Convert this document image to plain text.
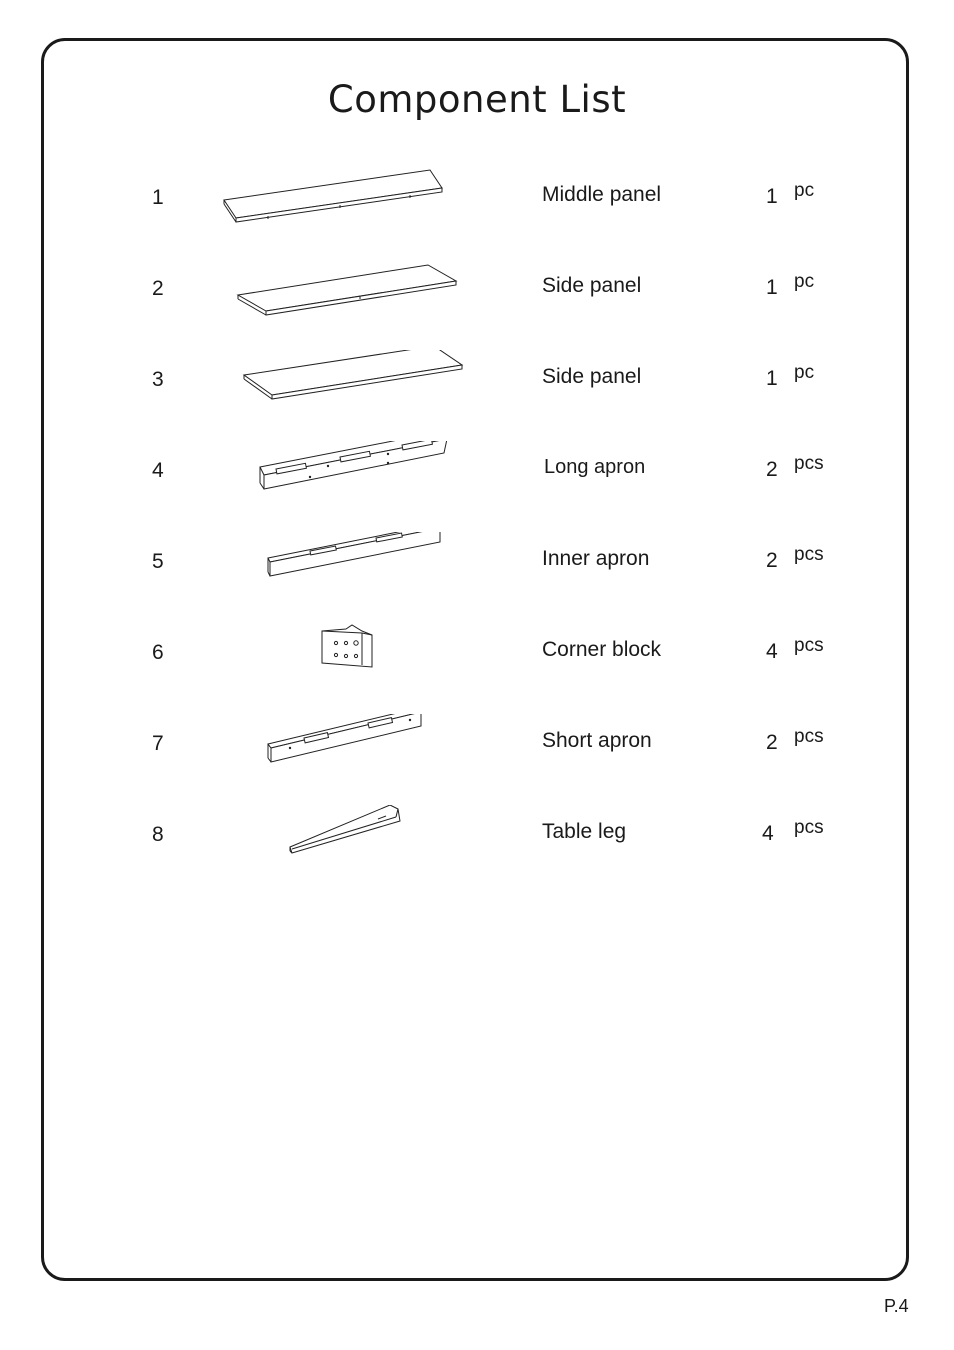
Component List
1	Middle panel	1 pc
2	Side panel	1 pc
3	Side panel	1 pc
4	Long apron	2 pcs
5	Inner apron	2 pcs
6	Corner block	4 pcs
7	Short apron	2 pcs
8	Table leg	4 pcs
P.4
